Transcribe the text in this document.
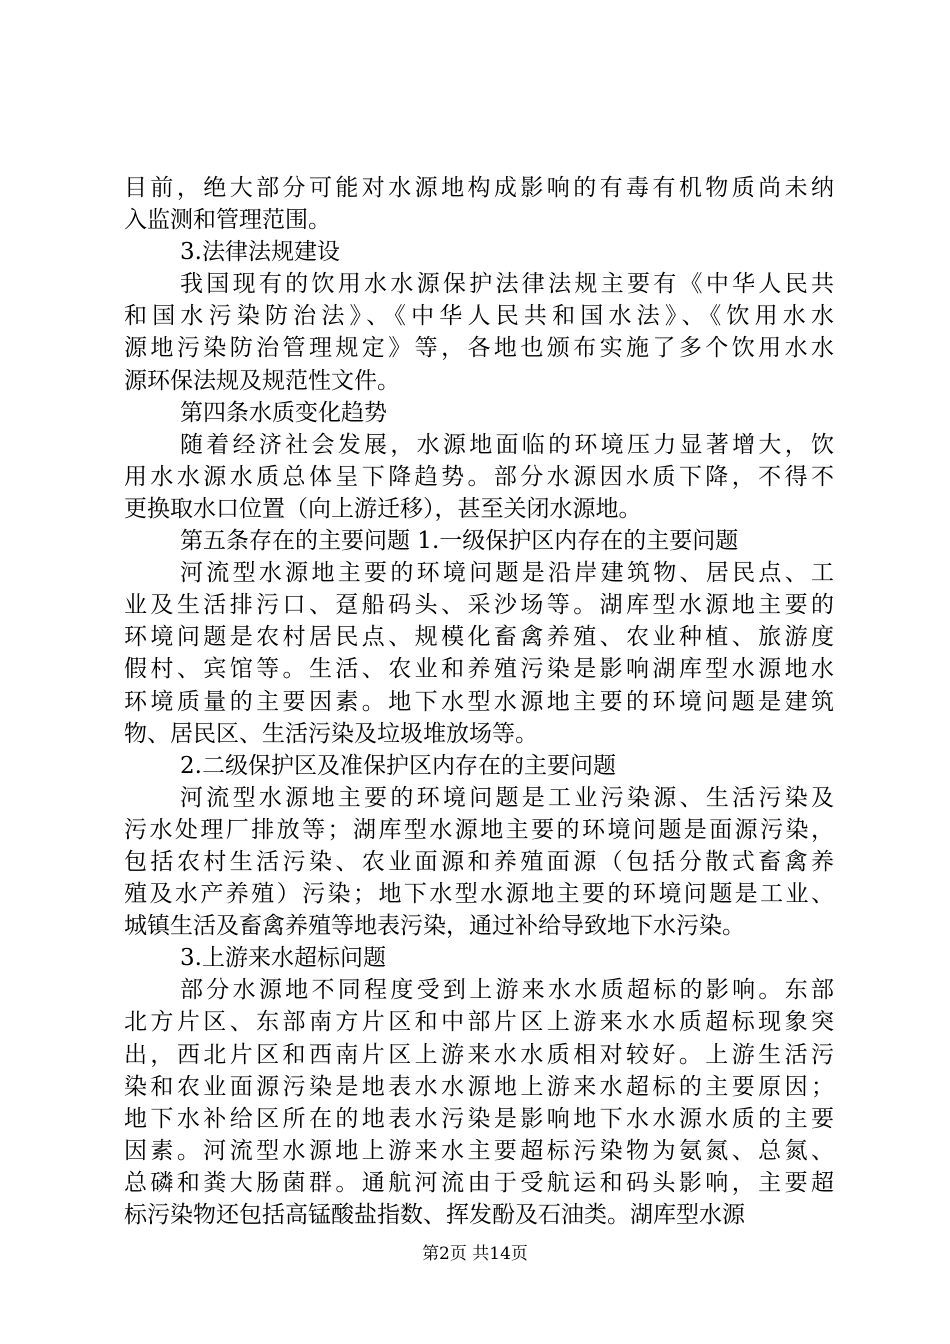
目前，绝大部分可能对水源地构成影响的有毒有机物质尚未纳
入监测和管理范围。
3.法律法规建设
我国现有的饮用水水源保护法律法规主要有《中华人民共
和国水污染防治法》、《中华人民共和国水法》、《饮用水水
源地污染防治管理规定》等，各地也颁布实施了多个饮用水水
源环保法规及规范性文件。
第四条水质变化趋势
随着经济社会发展，水源地面临的环境压力显著增大，饮
用水水源水质总体呈下降趋势。部分水源因水质下降，不得不
更换取水口位置（向上游迁移），甚至关闭水源地。
第五条存在的主要问题 1.一级保护区内存在的主要问题
河流型水源地主要的环境问题是沿岸建筑物、居民点、工
业及生活排污口、趸船码头、采沙场等。湖库型水源地主要的
环境问题是农村居民点、规模化畜禽养殖、农业种植、旅游度
假村、宾馆等。生活、农业和养殖污染是影响湖库型水源地水
环境质量的主要因素。地下水型水源地主要的环境问题是建筑
物、居民区、生活污染及垃圾堆放场等。
2.二级保护区及准保护区内存在的主要问题
河流型水源地主要的环境问题是工业污染源、生活污染及
污水处理厂排放等；湖库型水源地主要的环境问题是面源污染，
包括农村生活污染、农业面源和养殖面源（包括分散式畜禽养
殖及水产养殖）污染；地下水型水源地主要的环境问题是工业、
城镇生活及畜禽养殖等地表污染，通过补给导致地下水污染。
3.上游来水超标问题
部分水源地不同程度受到上游来水水质超标的影响。东部
北方片区、东部南方片区和中部片区上游来水水质超标现象突
出，西北片区和西南片区上游来水水质相对较好。上游生活污
染和农业面源污染是地表水水源地上游来水超标的主要原因；
地下水补给区所在的地表水污染是影响地下水水源水质的主要
因素。河流型水源地上游来水主要超标污染物为氨氮、总氮、
总磷和粪大肠菌群。通航河流由于受航运和码头影响，主要超
标污染物还包括高锰酸盐指数、挥发酚及石油类。湖库型水源
第2页 共14页
